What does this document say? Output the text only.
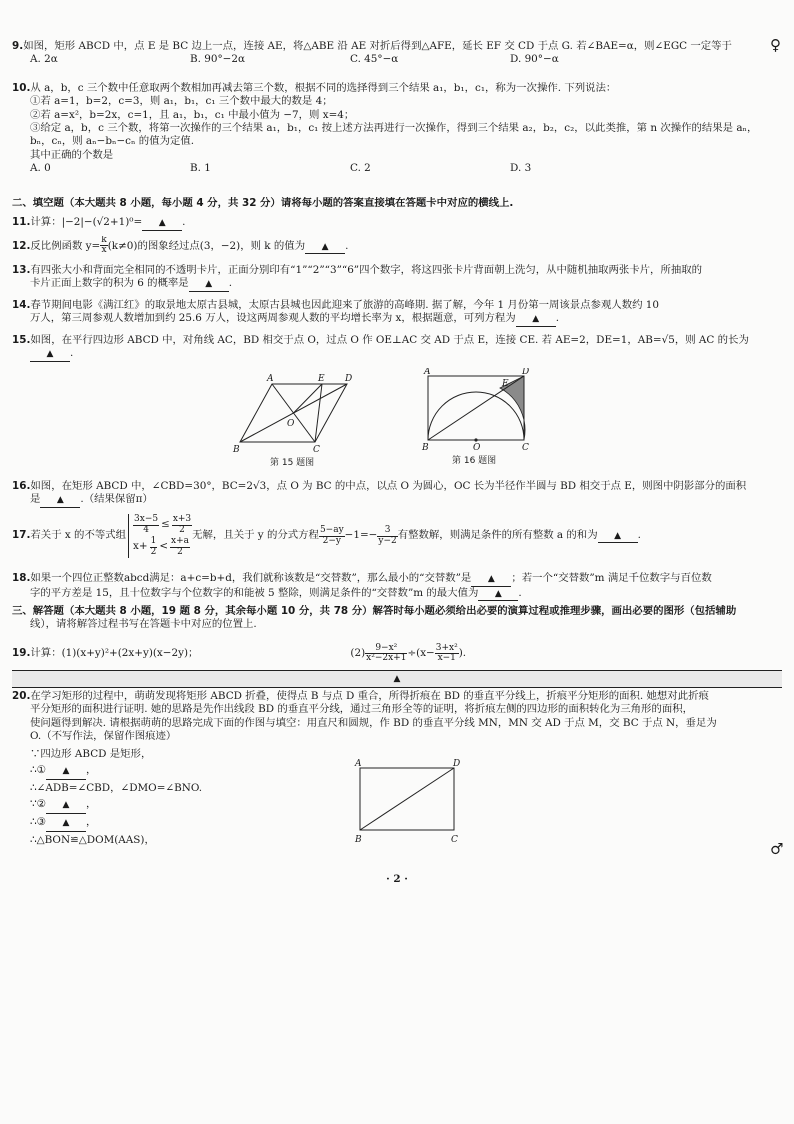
9.如图，矩形 ABCD 中，点 E 是 BC 边上一点，连接 AE，将△ABE 沿 AE 对折后得到△AFE，延长 EF 交 CD 于点 G. 若∠BAE=α，则∠EGC 一定等于
A. 2α	B. 90°−2α	C. 45°−α	D. 90°−α
10.从 a，b，c 三个数中任意取两个数相加再减去第三个数，根据不同的选择得到三个结果 a₁，b₁，c₁，称为一次操作. 下列说法：
①若 a=1，b=2，c=3，则 a₁，b₁，c₁ 三个数中最大的数是 4；
②若 a=x²，b=2x，c=1，且 a₁，b₁，c₁ 中最小值为 −7，则 x=4；
③给定 a，b，c 三个数，将第一次操作的三个结果 a₁，b₁，c₁ 按上述方法再进行一次操作，得到三个结果 a₂，b₂，c₂，以此类推，第 n 次操作的结果是 aₙ，
bₙ，cₙ，则 aₙ−bₙ−cₙ 的值为定值.
其中正确的个数是
A. 0	B. 1	C. 2	D. 3
二、填空题（本大题共 8 小题，每小题 4 分，共 32 分）请将每小题的答案直接填在答题卡中对应的横线上.
11.计算：|−2|−(√2+1)⁰= ▲	.
12.反比例函数 $y= \frac{k}{x} (k\ne 0)$的图象经过点(3，−2)，则 k 的值为 ▲	.
13.有四张大小和背面完全相同的不透明卡片，正面分别印有“1”“2”“3”“6”四个数字，将这四张卡片背面朝上洗匀，从中随机抽取两张卡片，所抽取的
卡片正面上数字的积为 6 的概率是 ▲	.
14.春节期间电影《满江红》的取景地太原古县城，太原古县城也因此迎来了旅游的高峰期. 据了解，今年 1 月份第一周该景点参观人数约 10
万人，第三周参观人数增加到约 25.6 万人，设这两周参观人数的平均增长率为 x，根据题意，可列方程为 ▲	.
15.如图，在平行四边形 ABCD 中，对角线 AC，BD 相交于点 O，过点 O 作 OE⊥AC 交 AD 于点 E，连接 CE. 若 AE=2，DE=1，AB=√5，则 AC 的长为
▲.
A	E D
O
B	C
第 15 题图
A	D
E
B	O	C
第 16 题图
16.如图，在矩形 ABCD 中，∠CBD=30°，BC=2√3，点 O 为 BC 的中点，以点 O 为圆心，OC 长为半径作半圆与 BD 相交于点 E，则图中阴影部分的面积
是 ▲	.（结果保留π）
17. 若关于 x 的不等式组
$\frac{3x-5}{4} \le \frac{x+3}{2}$
$x+ \frac{1}{2} < \frac{x+a}{2}$
无解，且关于 y 的分式方程 $\frac{5-ay}{2-y} -1=- \frac{3}{y-2}$ 有整数解，则满足条件的所有整数 a 的和为 ▲	.
18.如果一个四位正整数abcd满足：a+c=b+d，我们就称该数是“交替数”，那么最小的“交替数”是 ▲	；若一个“交替数”m 满足千位数字与百位数
字的平方差是 15，且十位数字与个位数字的和能被 5 整除，则满足条件的“交替数”m 的最大值为 ▲	.
三、解答题（本大题共 8 小题，19 题 8 分，其余每小题 10 分，共 78 分）解答时每小题必须给出必要的演算过程或推理步骤，画出必要的图形（包括辅助
线），请将解答过程书写在答题卡中对应的位置上.
19. 计算：(1)(x+y)²+(2x+y)(x−2y)；	$(2) \frac{\text{9−x²}}{\text{x²−2x+1}} \div(x- \frac{\text{3+x²}}{x-1}$ ).
▲
20.在学习矩形的过程中，萌萌发现将矩形 ABCD 折叠，使得点 B 与点 D 重合，所得折痕在 BD 的垂直平分线上，折痕平分矩形的面积. 她想对此折痕
平分矩形的面积进行证明. 她的思路是先作出线段 BD 的垂直平分线，通过三角形全等的证明，将折痕左侧的四边形的面积转化为三角形的面积，
使问题得到解决. 请根据萌萌的思路完成下面的作图与填空：用直尺和圆规，作 BD 的垂直平分线 MN，MN 交 AD 于点 M，交 BC 于点 N，垂足为
O.（不写作法，保留作图痕迹）
∵四边形 ABCD 是矩形，
∴① ▲	，
∴∠ADB=∠CBD，∠DMO=∠BNO.
∵② ▲	，
∴③ ▲	，
∴△BON≌△DOM(AAS)，
A	D
B	C
♀
♂
· 2 ·
